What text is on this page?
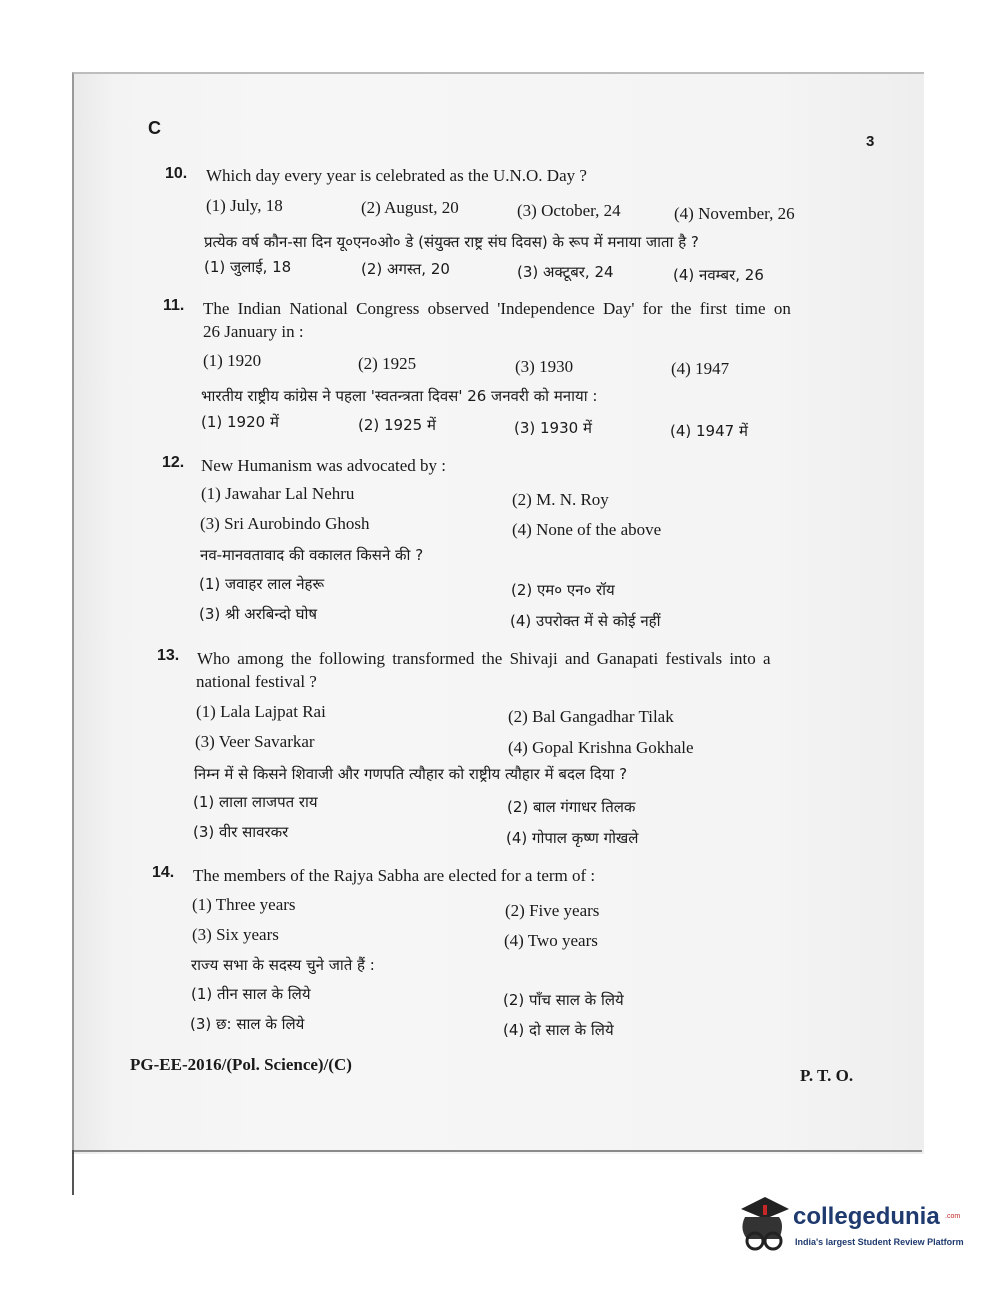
C
3
10. Which day every year is celebrated as the U.N.O. Day ?
(1) July, 18	(2) August, 20	(3) October, 24	(4) November, 26
प्रत्येक वर्ष कौन-सा दिन यू०एन०ओ० डे (संयुक्त राष्ट्र संघ दिवस) के रूप में मनाया जाता है ?
(1) जुलाई, 18	(2) अगस्त, 20	(3) अक्टूबर, 24	(4) नवम्बर, 26
11. The Indian National Congress observed 'Independence Day' for the first time on
26 January in :
(1) 1920	(2) 1925	(3) 1930	(4) 1947
भारतीय राष्ट्रीय कांग्रेस ने पहला 'स्वतन्त्रता दिवस' 26 जनवरी को मनाया :
(1) 1920 में	(2) 1925 में	(3) 1930 में	(4) 1947 में
12. New Humanism was advocated by :
(1) Jawahar Lal Nehru	(2) M. N. Roy
(3) Sri Aurobindo Ghosh	(4) None of the above
नव-मानवतावाद की वकालत किसने की ?
(1) जवाहर लाल नेहरू	(2) एम० एन० रॉय
(3) श्री अरबिन्दो घोष	(4) उपरोक्त में से कोई नहीं
13. Who among the following transformed the Shivaji and Ganapati festivals into a
national festival ?
(1) Lala Lajpat Rai	(2) Bal Gangadhar Tilak
(3) Veer Savarkar	(4) Gopal Krishna Gokhale
निम्न में से किसने शिवाजी और गणपति त्यौहार को राष्ट्रीय त्यौहार में बदल दिया ?
(1) लाला लाजपत राय	(2) बाल गंगाधर तिलक
(3) वीर सावरकर	(4) गोपाल कृष्ण गोखले
14. The members of the Rajya Sabha are elected for a term of :
(1) Three years	(2) Five years
(3) Six years	(4) Two years
राज्य सभा के सदस्य चुने जाते हैं :
(1) तीन साल के लिये	(2) पाँच साल के लिये
(3) छ: साल के लिये	(4) दो साल के लिये
PG-EE-2016/(Pol. Science)/(C)
P. T. O.
collegedunia .com
India's largest Student Review Platform
